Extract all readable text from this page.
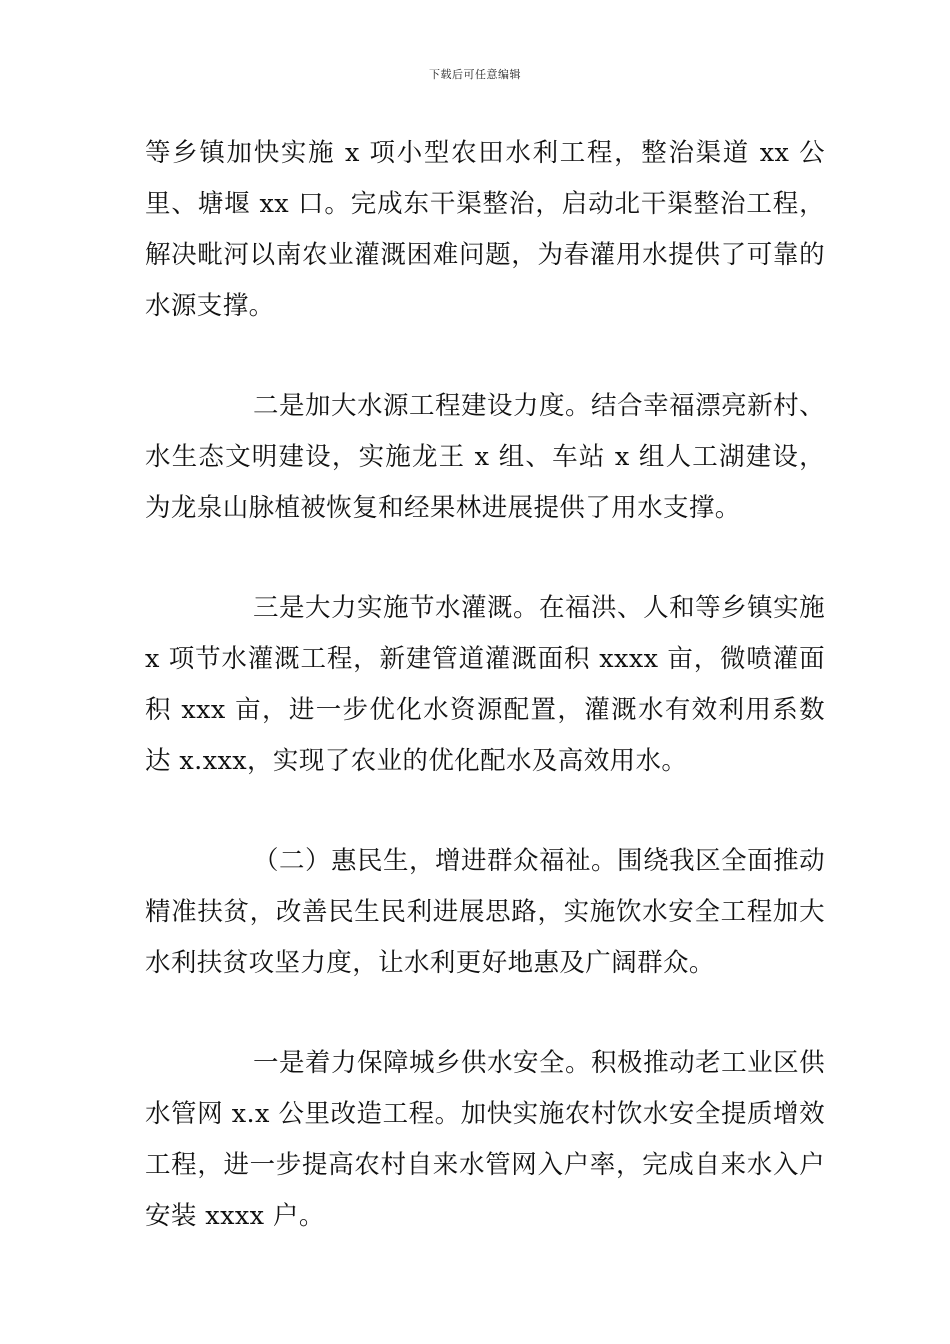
下载后可任意编辑

等乡镇加快实施 x 项小型农田水利工程，整治渠道 xx 公里、塘堰 xx 口。完成东干渠整治，启动北干渠整治工程，解决毗河以南农业灌溉困难问题，为春灌用水提供了可靠的水源支撑。

二是加大水源工程建设力度。结合幸福漂亮新村、水生态文明建设，实施龙王 x 组、车站 x 组人工湖建设，为龙泉山脉植被恢复和经果林进展提供了用水支撑。

三是大力实施节水灌溉。在福洪、人和等乡镇实施 x 项节水灌溉工程，新建管道灌溉面积 xxxx 亩，微喷灌面积 xxx 亩，进一步优化水资源配置，灌溉水有效利用系数达 x.xxx，实现了农业的优化配水及高效用水。

（二）惠民生，增进群众福祉。围绕我区全面推动精准扶贫，改善民生民利进展思路，实施饮水安全工程加大水利扶贫攻坚力度，让水利更好地惠及广阔群众。

一是着力保障城乡供水安全。积极推动老工业区供水管网 x.x 公里改造工程。加快实施农村饮水安全提质增效工程，进一步提高农村自来水管网入户率，完成自来水入户安装 xxxx 户。
